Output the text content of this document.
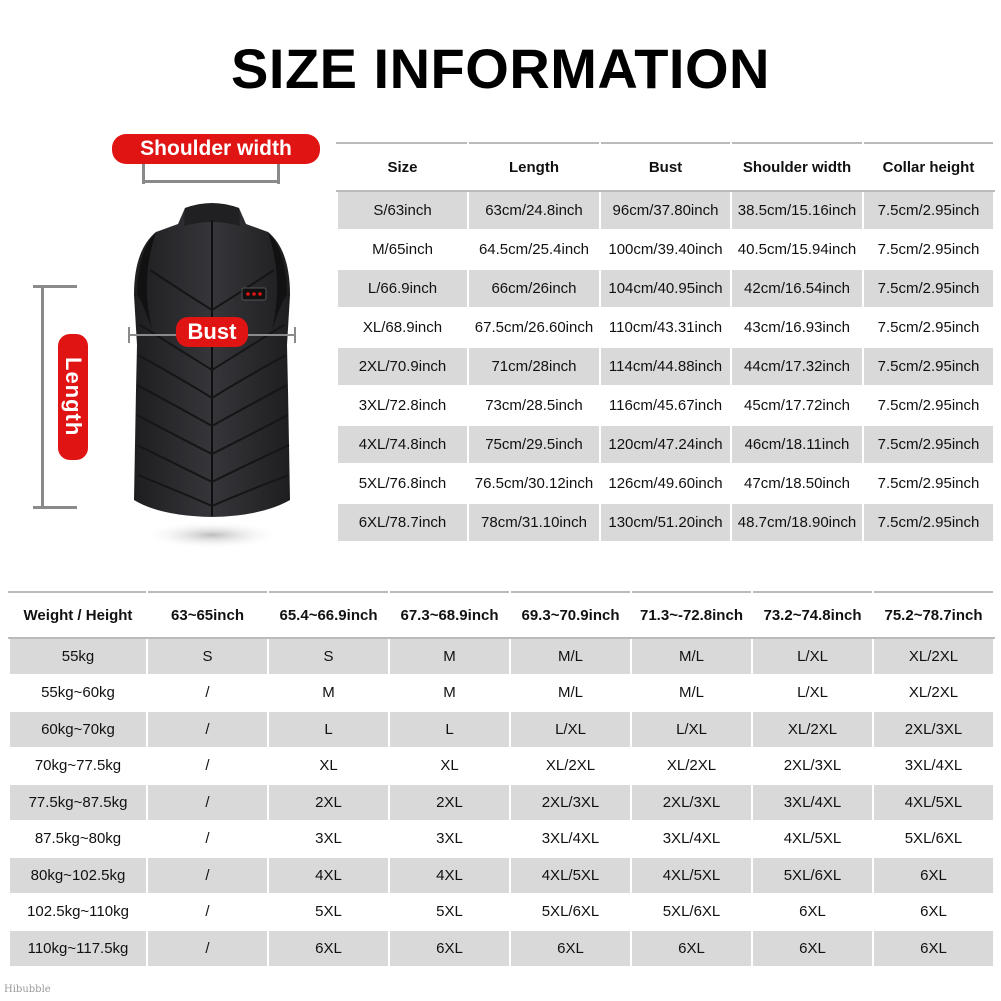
SIZE INFORMATION
Shoulder width
Bust
Length
Size	Length	Bust	Shoulder width	Collar height
S/63inch	63cm/24.8inch	96cm/37.80inch	38.5cm/15.16inch	7.5cm/2.95inch
M/65inch	64.5cm/25.4inch	100cm/39.40inch	40.5cm/15.94inch	7.5cm/2.95inch
L/66.9inch	66cm/26inch	104cm/40.95inch	42cm/16.54inch	7.5cm/2.95inch
XL/68.9inch	67.5cm/26.60inch	110cm/43.31inch	43cm/16.93inch	7.5cm/2.95inch
2XL/70.9inch	71cm/28inch	114cm/44.88inch	44cm/17.32inch	7.5cm/2.95inch
3XL/72.8inch	73cm/28.5inch	116cm/45.67inch	45cm/17.72inch	7.5cm/2.95inch
4XL/74.8inch	75cm/29.5inch	120cm/47.24inch	46cm/18.11inch	7.5cm/2.95inch
5XL/76.8inch	76.5cm/30.12inch	126cm/49.60inch	47cm/18.50inch	7.5cm/2.95inch
6XL/78.7inch	78cm/31.10inch	130cm/51.20inch	48.7cm/18.90inch	7.5cm/2.95inch
Weight / Height	63~65inch	65.4~66.9inch	67.3~68.9inch	69.3~70.9inch	71.3~-72.8inch	73.2~74.8inch	75.2~78.7inch
55kg	S	S	M	M/L	M/L	L/XL	XL/2XL
55kg~60kg	/	M	M	M/L	M/L	L/XL	XL/2XL
60kg~70kg	/	L	L	L/XL	L/XL	XL/2XL	2XL/3XL
70kg~77.5kg	/	XL	XL	XL/2XL	XL/2XL	2XL/3XL	3XL/4XL
77.5kg~87.5kg	/	2XL	2XL	2XL/3XL	2XL/3XL	3XL/4XL	4XL/5XL
87.5kg~80kg	/	3XL	3XL	3XL/4XL	3XL/4XL	4XL/5XL	5XL/6XL
80kg~102.5kg	/	4XL	4XL	4XL/5XL	4XL/5XL	5XL/6XL	6XL
102.5kg~110kg	/	5XL	5XL	5XL/6XL	5XL/6XL	6XL	6XL
110kg~117.5kg	/	6XL	6XL	6XL	6XL	6XL	6XL
Hibubble
